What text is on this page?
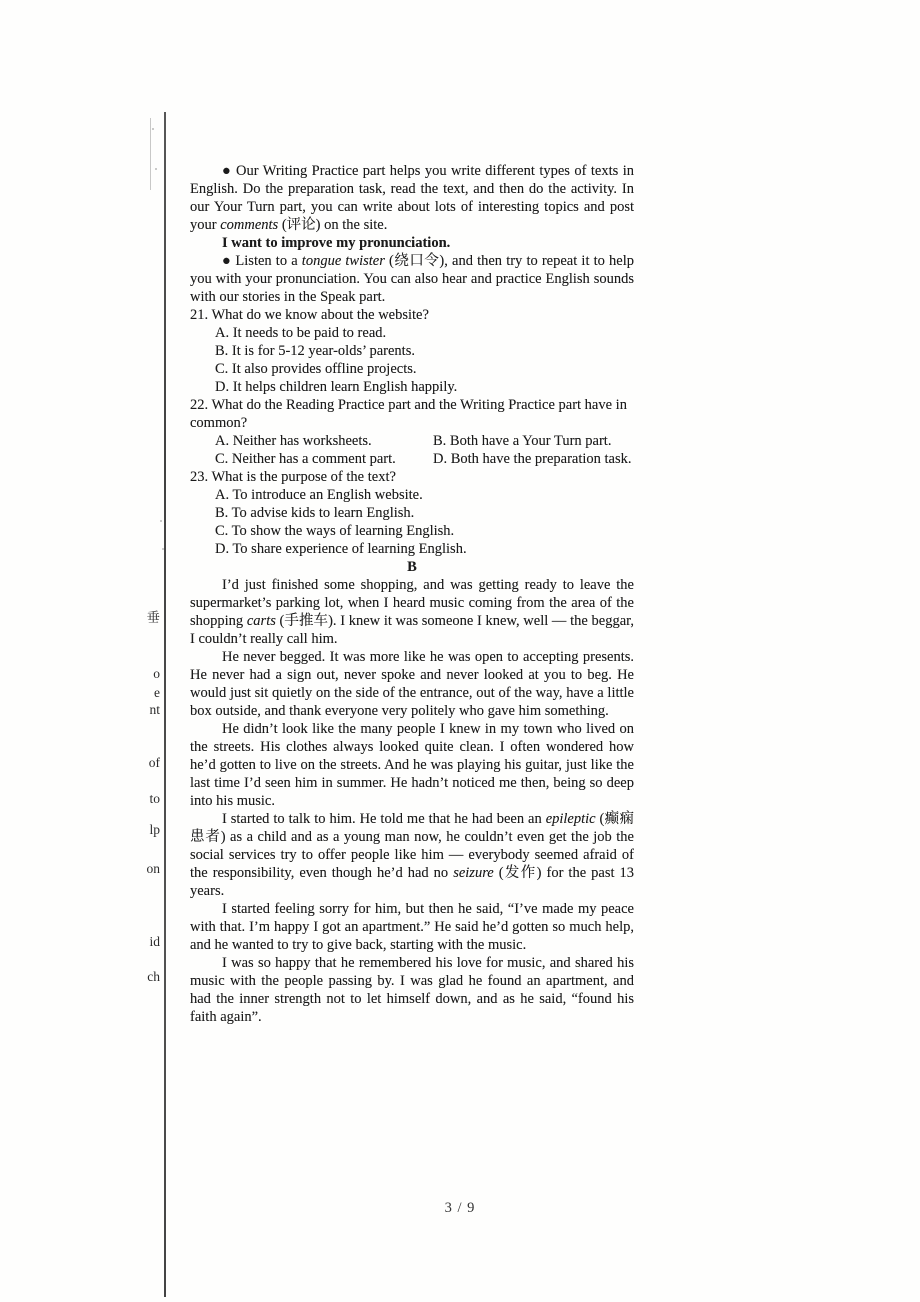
垂
o
e
nt
of
to
lp
on
id
ch
● Our Writing Practice part helps you write different types of texts in English. Do the preparation task, read the text, and then do the activity. In our Your Turn part, you can write about lots of interesting topics and post your comments (评论) on the site.
I want to improve my pronunciation.
● Listen to a tongue twister (绕口令), and then try to repeat it to help you with your pronunciation. You can also hear and practice English sounds with our stories in the Speak part.
21. What do we know about the website?
A. It needs to be paid to read.
B. It is for 5-12 year-olds’ parents.
C. It also provides offline projects.
D. It helps children learn English happily.
22. What do the Reading Practice part and the Writing Practice part have in common?
A. Neither has worksheets.	B. Both have a Your Turn part.
C. Neither has a comment part.	D. Both have the preparation task.
23. What is the purpose of the text?
A. To introduce an English website.
B. To advise kids to learn English.
C. To show the ways of learning English.
D. To share experience of learning English.
B
I’d just finished some shopping, and was getting ready to leave the supermarket’s parking lot, when I heard music coming from the area of the shopping carts (手推车). I knew it was someone I knew, well — the beggar, I couldn’t really call him.
He never begged. It was more like he was open to accepting presents. He never had a sign out, never spoke and never looked at you to beg. He would just sit quietly on the side of the entrance, out of the way, have a little box outside, and thank everyone very politely who gave him something.
He didn’t look like the many people I knew in my town who lived on the streets. His clothes always looked quite clean. I often wondered how he’d gotten to live on the streets. And he was playing his guitar, just like the last time I’d seen him in summer. He hadn’t noticed me then, being so deep into his music.
I started to talk to him. He told me that he had been an epileptic (癫痫患者) as a child and as a young man now, he couldn’t even get the job the social services try to offer people like him — everybody seemed afraid of the responsibility, even though he’d had no seizure (发作) for the past 13 years.
I started feeling sorry for him, but then he said, “I’ve made my peace with that. I’m happy I got an apartment.” He said he’d gotten so much help, and he wanted to try to give back, starting with the music.
I was so happy that he remembered his love for music, and shared his music with the people passing by. I was glad he found an apartment, and had the inner strength not to let himself down, and as he said, “found his faith again”.
3 / 9
